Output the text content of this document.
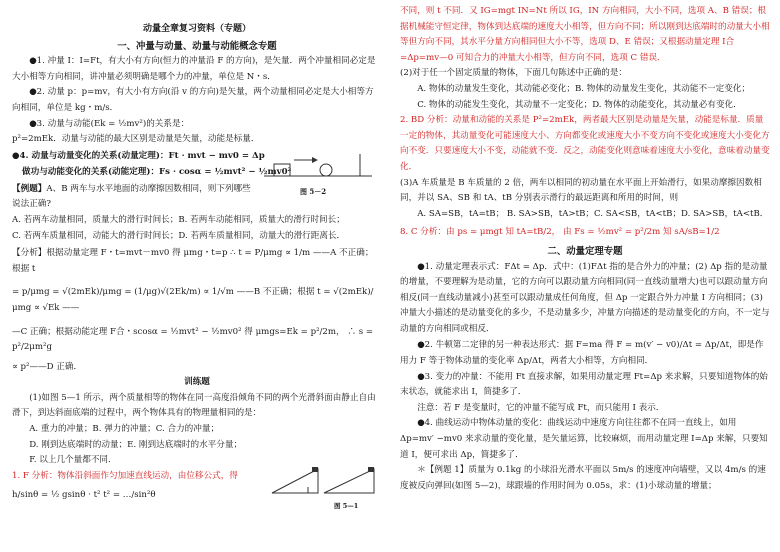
动量全章复习资料（专题）

一、冲量与动量、动量与动能概念专题

●1. 冲量 I：I=Ft，有大小有方向(恒力的冲量沿 F 的方向)，是矢量．两个冲量相同必定是大小相等方向相同，讲冲量必须明确是哪个力的冲量，单位是 N・s．

●2. 动量 p：p=mv，有大小有方向(沿 v 的方向)是矢量，两个动量相同必定是大小相等方向相同，单位是 kg・m/s．

●3. 动量与动能(Ek = ½mv²)的关系是：

p²=2mEk．动量与动能的最大区别是动量是矢量，动能是标量．

●4. 动量与动量变化的关系(动量定理)：Ft · mvt − mv0 = Δp

做功与动能变化的关系(动能定理)：Fs · cosα = ½mvt² − ½mv0²

【例题】A、B 两车与水平地面的动摩擦因数相同，则下列哪些说法正确?

图 5－2

A. 若两车动量相同，质量大的滑行时间长；B. 若两车动能相同，质量大的滑行时间长；

C. 若两车质量相同，动能大的滑行时间长；D. 若两车质量相同，动量大的滑行距离长．

【分析】根据动量定理 F・t=mvt－mv0 得 μmg・t=p ∴ t = P/μmg ∝ 1/m ——A 不正确；根据 t

= p/μmg = √(2mEk)/μmg = (1/μg)√(2Ek/m) ∝ 1/√m ——B 不正确；根据 t = √(2mEk)/μmg ∝ √Ek ——

—C 正确；根据动能定理 F合・scosα = ½mvt² − ½mv0² 得 μmgs=Ek = p²/2m， ∴ s = p²/2μm²g

∝ p²——D 正确．

训练题

(1)如图 5—1 所示，两个质量相等的物体在同一高度沿倾角不同的两个光滑斜面由静止自由滑下，到达斜面底端的过程中，两个物体具有的物理量相同的是：

A. 重力的冲量；B. 弹力的冲量；C. 合力的冲量；

D. 刚到达底端时的动量；E. 刚到达底端时的水平分量；

F. 以上几个量都不同．

1. F 分析：物体沿斜面作匀加速直线运动，由位移公式，得

h/sinθ = ½ gsinθ · t² t² = …/sin²θ

图 5—1

不同，则 t 不同．又 IG=mgt IN=Nt 所以 IG，IN 方向相同，大小不同，选项 A、B 错误；根据机械能守恒定律，物体到达底端的速度大小相等，但方向不同；所以刚到达底端时的动量大小相等但方向不同，其水平分量方向相同但大小不等，选项 D、E 错误；又根据动量定理 I合=Δp=mv—0 可知合力的冲量大小相等，但方向不同，选项 C 错误．

(2)对于任一个固定质量的物体，下面几句陈述中正确的是：

A. 物体的动量发生变化，其动能必变化；B. 物体的动量发生变化，其动能不一定变化；

C. 物体的动能发生变化，其动量不一定变化；D. 物体的动能变化，其动量必有变化．

2. BD 分析：动量和动能的关系是 P²=2mEk，两者最大区别是动量是矢量，动能是标量．质量一定的物体，其动量变化可能速度大小、方向都变化或速度大小不变方向不变化或速度大小变化方向不变．只要速度大小不变，动能就不变．反之，动能变化则意味着速度大小变化，意味着动量变化．

(3)A 车质量是 B 车质量的 2 倍，两车以相同的初动量在水平面上开始滑行，如果动摩擦因数相同，并以 SA、SB 和 tA、tB 分别表示滑行的最远距离和所用的时间，则

A. SA=SB，tA=tB； B. SA>SB，tA>tB；C. SA<SB，tA<tB；D. SA>SB，tA<tB．

8. C 分析：由 ps = μmgt 知 tA=tB/2， 由 Fs = ½mv² = p²/2m 知 sA/sB=1/2

二、动量定理专题

●1. 动量定理表示式：FΔt = Δp．式中：(1)FΔt 指的是合外力的冲量；(2) Δp 指的是动量的增量，不要理解为是动量，它的方向可以跟动量方向相同(同一直线动量增大)也可以跟动量方向相反(同一直线动量减小)甚至可以跟动量成任何角度，但 Δp 一定跟合外力冲量 I 方向相同；(3)冲量大小描述的是动量变化的多少，不是动量多少，冲量方向描述的是动量变化的方向，不一定与动量的方向相同或相反．

●2. 牛顿第二定律的另一种表达形式：据 F=ma 得 F = m(v′ − v0)/Δt = Δp/Δt，即是作用力 F 等于物体动量的变化率 Δp/Δt，两者大小相等，方向相同．

●3. 变力的冲量：不能用 Ft 直接求解，如果用动量定理 Ft=Δp 来求解，只要知道物体的始末状态，就能求出 I，简捷多了．

注意：若 F 是变量时，它的冲量不能写成 Ft，而只能用 I 表示．

●4. 曲线运动中物体动量的变化：曲线运动中速度方向往往都不在同一直线上，如用 Δp=mv′ −mv0 来求动量的变化量，是矢量运算，比较麻烦，而用动量定理 I=Δp 来解，只要知道 I，便可求出 Δp，简捷多了．

＊【例题 1】质量为 0.1kg 的小球沿光滑水平面以 5m/s 的速度冲向墙壁，又以 4m/s 的速度被反向弹回(如图 5—2)，球跟墙的作用时间为 0.05s，求：(1)小球动量的增量；
